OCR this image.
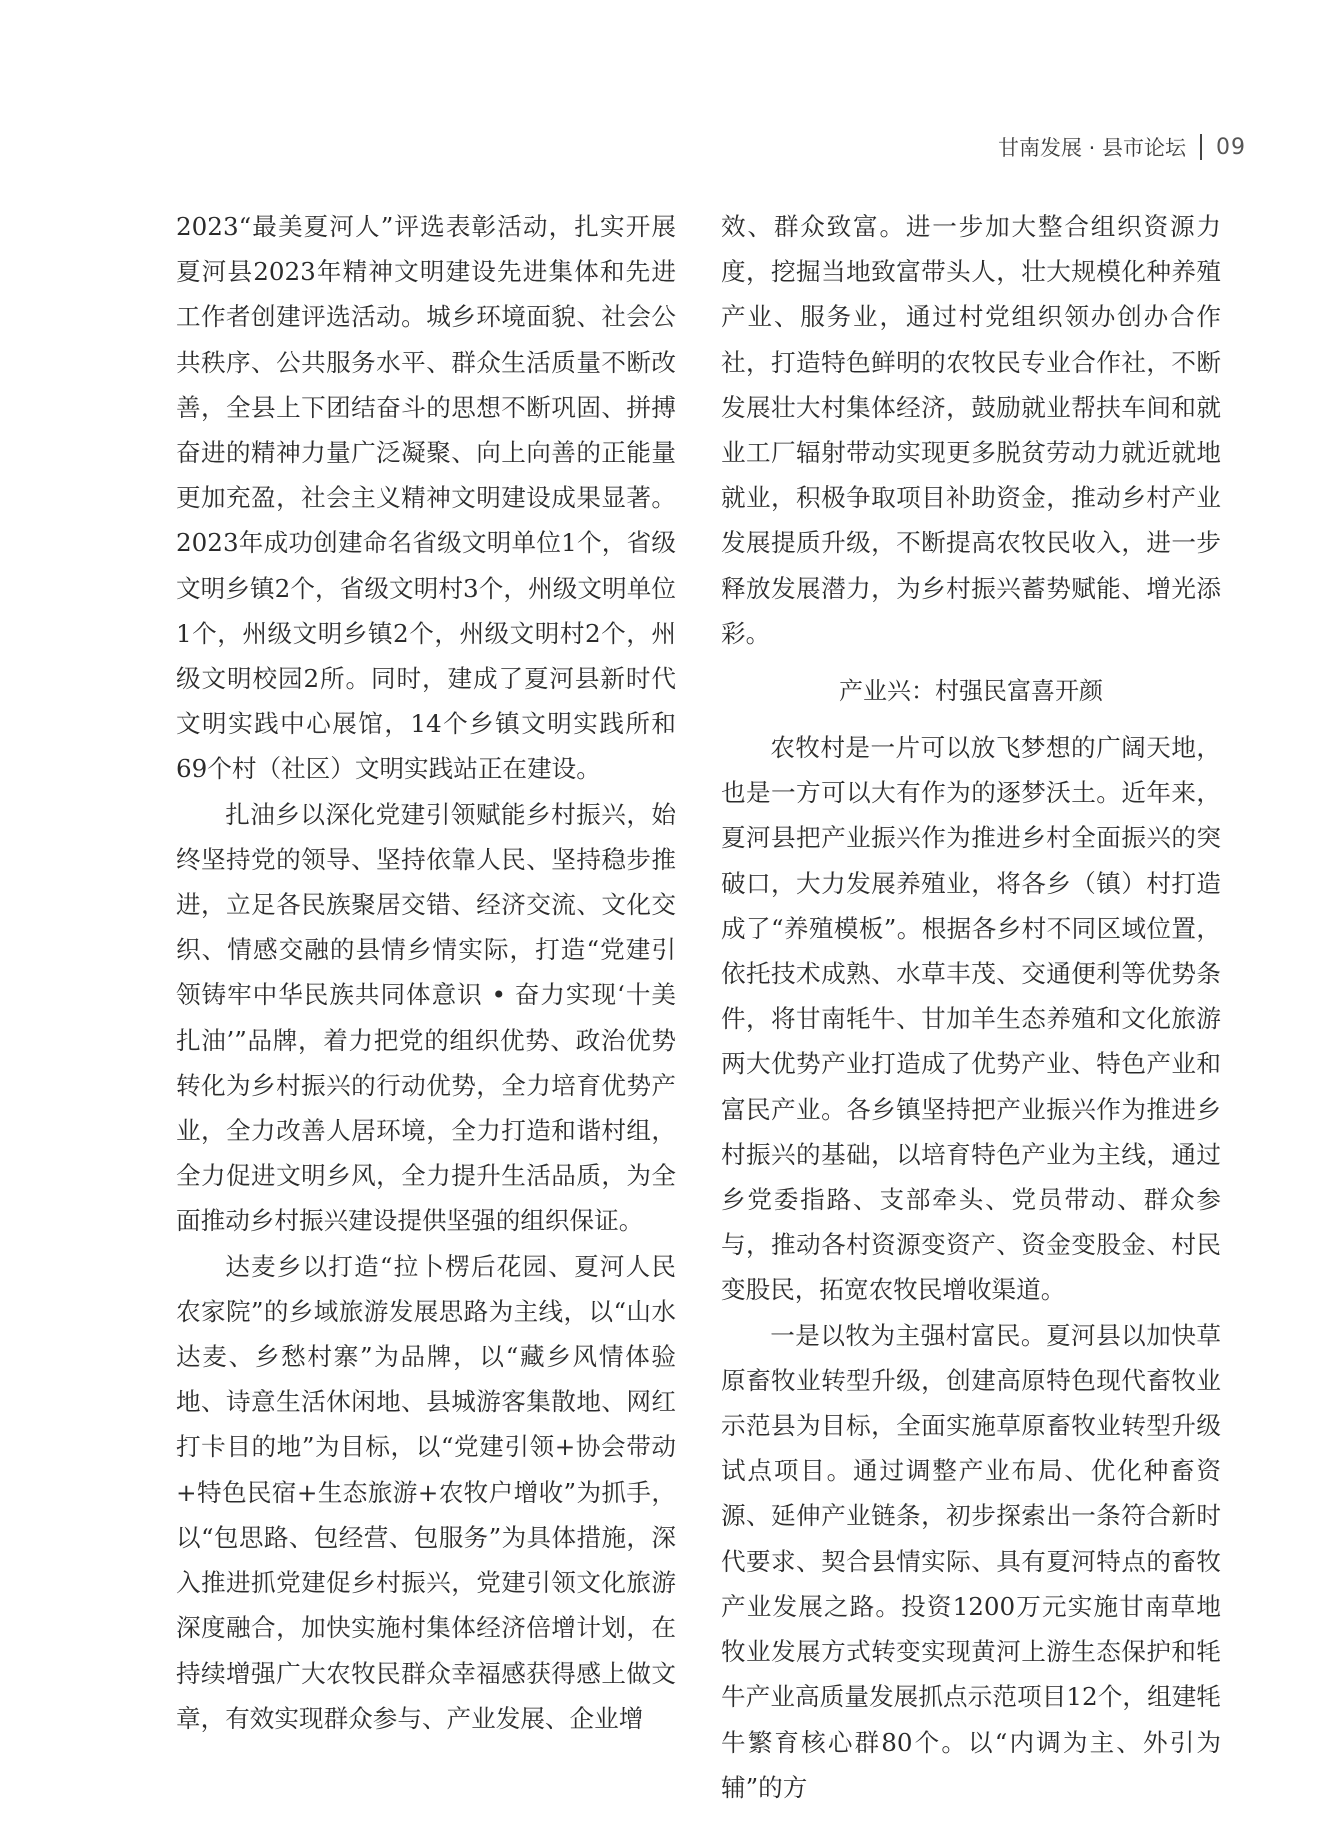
甘南发展 · 县市论坛 09

2023“最美夏河人”评选表彰活动，扎实开展夏河县2023年精神文明建设先进集体和先进工作者创建评选活动。城乡环境面貌、社会公共秩序、公共服务水平、群众生活质量不断改善，全县上下团结奋斗的思想不断巩固、拼搏奋进的精神力量广泛凝聚、向上向善的正能量更加充盈，社会主义精神文明建设成果显著。2023年成功创建命名省级文明单位1个，省级文明乡镇2个，省级文明村3个，州级文明单位1个，州级文明乡镇2个，州级文明村2个，州级文明校园2所。同时，建成了夏河县新时代文明实践中心展馆，14个乡镇文明实践所和69个村（社区）文明实践站正在建设。

扎油乡以深化党建引领赋能乡村振兴，始终坚持党的领导、坚持依靠人民、坚持稳步推进，立足各民族聚居交错、经济交流、文化交织、情感交融的县情乡情实际，打造“党建引领铸牢中华民族共同体意识 • 奋力实现‘十美扎油’”品牌，着力把党的组织优势、政治优势转化为乡村振兴的行动优势，全力培育优势产业，全力改善人居环境，全力打造和谐村组，全力促进文明乡风，全力提升生活品质，为全面推动乡村振兴建设提供坚强的组织保证。

达麦乡以打造“拉卜楞后花园、夏河人民农家院”的乡域旅游发展思路为主线，以“山水达麦、乡愁村寨”为品牌，以“藏乡风情体验地、诗意生活休闲地、县城游客集散地、网红打卡目的地”为目标，以“党建引领+协会带动+特色民宿+生态旅游+农牧户增收”为抓手，以“包思路、包经营、包服务”为具体措施，深入推进抓党建促乡村振兴，党建引领文化旅游深度融合，加快实施村集体经济倍增计划，在持续增强广大农牧民群众幸福感获得感上做文章，有效实现群众参与、产业发展、企业增

效、群众致富。进一步加大整合组织资源力度，挖掘当地致富带头人，壮大规模化种养殖产业、服务业，通过村党组织领办创办合作社，打造特色鲜明的农牧民专业合作社，不断发展壮大村集体经济，鼓励就业帮扶车间和就业工厂辐射带动实现更多脱贫劳动力就近就地就业，积极争取项目补助资金，推动乡村产业发展提质升级，不断提高农牧民收入，进一步释放发展潜力，为乡村振兴蓄势赋能、增光添彩。

产业兴：村强民富喜开颜

农牧村是一片可以放飞梦想的广阔天地，也是一方可以大有作为的逐梦沃土。近年来，夏河县把产业振兴作为推进乡村全面振兴的突破口，大力发展养殖业，将各乡（镇）村打造成了“养殖模板”。根据各乡村不同区域位置，依托技术成熟、水草丰茂、交通便利等优势条件，将甘南牦牛、甘加羊生态养殖和文化旅游两大优势产业打造成了优势产业、特色产业和富民产业。各乡镇坚持把产业振兴作为推进乡村振兴的基础，以培育特色产业为主线，通过乡党委指路、支部牵头、党员带动、群众参与，推动各村资源变资产、资金变股金、村民变股民，拓宽农牧民增收渠道。

一是以牧为主强村富民。夏河县以加快草原畜牧业转型升级，创建高原特色现代畜牧业示范县为目标，全面实施草原畜牧业转型升级试点项目。通过调整产业布局、优化种畜资源、延伸产业链条，初步探索出一条符合新时代要求、契合县情实际、具有夏河特点的畜牧产业发展之路。投资1200万元实施甘南草地牧业发展方式转变实现黄河上游生态保护和牦牛产业高质量发展抓点示范项目12个，组建牦牛繁育核心群80个。以“内调为主、外引为辅”的方
